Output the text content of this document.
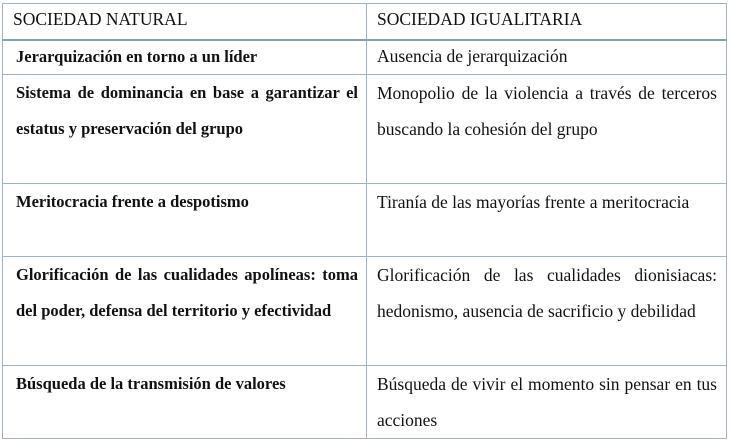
SOCIEDAD NATURAL	SOCIEDAD IGUALITARIA
Jerarquización en torno a un líder	Ausencia de jerarquización
Sistema de dominancia en base a garantizar el estatus y preservación del grupo	Monopolio de la violencia a través de terceros buscando la cohesión del grupo
Meritocracia frente a despotismo	Tiranía de las mayorías frente a meritocracia
Glorificación de las cualidades apolíneas: toma del poder, defensa del territorio y efectividad	Glorificación de las cualidades dionisiacas: hedonismo, ausencia de sacrificio y debilidad
Búsqueda de la transmisión de valores	Búsqueda de vivir el momento sin pensar en tus acciones
